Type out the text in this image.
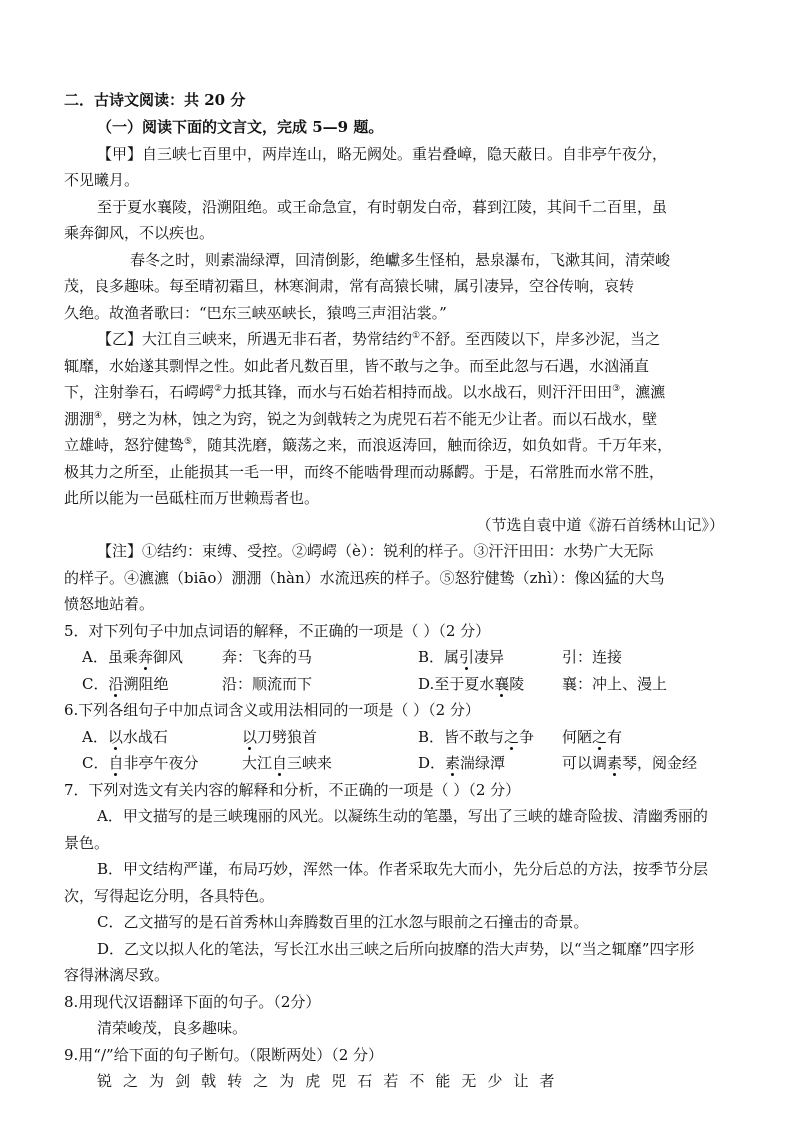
二．古诗文阅读：共 20 分
（一）阅读下面的文言文，完成 5—9 题。
【甲】自三峡七百里中，两岸连山，略无阙处。重岩叠嶂，隐天蔽日。自非亭午夜分，
不见曦月。
至于夏水襄陵，沿溯阻绝。或王命急宣，有时朝发白帝，暮到江陵，其间千二百里，虽
乘奔御风，不以疾也。
春冬之时，则素湍绿潭，回清倒影，绝巘多生怪柏，悬泉瀑布，飞漱其间，清荣峻
茂，良多趣味。每至晴初霜旦，林寒涧肃，常有高猿长啸，属引凄异，空谷传响，哀转
久绝。故渔者歌曰：“巴东三峡巫峡长，猿鸣三声泪沾裳。”
【乙】大江自三峡来，所遇无非石者，势常结约①不舒。至西陵以下，岸多沙泥，当之
辄靡，水始遂其剽悍之性。如此者凡数百里，皆不敢与之争。而至此忽与石遇，水汹涌直
下，注射拳石，石崿崿②力抵其锋，而水与石始若相持而战。以水战石，则汗汗田田③，瀌瀌
淜淜④，劈之为林，蚀之为窍，锐之为剑戟转之为虎兕石若不能无少让者。而以石战水，壁
立雄峙，怒狞健鸷⑤，随其洗磨，簸荡之来，而浪返涛回，触而徐迈，如负如背。千万年来，
极其力之所至，止能损其一毛一甲，而终不能啮骨理而动縣齶。于是，石常胜而水常不胜，
此所以能为一邑砥柱而万世赖焉者也。
（节选自袁中道《游石首绣林山记》）
【注】①结约：束缚、受控。②崿崿（è）：锐利的样子。③汗汗田田：水势广大无际
的样子。④瀌瀌（biāo）淜淜（hàn）水流迅疾的样子。⑤怒狞健鸷（zhì）：像凶猛的大鸟
愤怒地站着。
5．对下列句子中加点词语的解释，不正确的一项是（ ）（2 分）
A．虽乘奔御风	奔：飞奔的马	B．属引凄异	引：连接
C．沿溯阻绝	沿：顺流而下	D.至于夏水襄陵	襄：冲上、漫上
6.下列各组句子中加点词含义或用法相同的一项是（ ）（2 分）
A．以水战石	以刀劈狼首	B．皆不敢与之争 何陋之有
C．自非亭午夜分	大江自三峡来	D．素湍绿潭	可以调素琴，阅金经
7．下列对选文有关内容的解释和分析，不正确的一项是（ ）（2 分）
A．甲文描写的是三峡瑰丽的风光。以凝练生动的笔墨，写出了三峡的雄奇险拔、清幽秀丽的
景色。
B．甲文结构严谨，布局巧妙，浑然一体。作者采取先大而小，先分后总的方法，按季节分层
次，写得起讫分明，各具特色。
C．乙文描写的是石首秀林山奔腾数百里的江水忽与眼前之石撞击的奇景。
D．乙文以拟人化的笔法，写长江水出三峡之后所向披靡的浩大声势，以“当之辄靡”四字形
容得淋漓尽致。
8.用现代汉语翻译下面的句子。（2分）
清荣峻茂，良多趣味。
9.用“/”给下面的句子断句。（限断两处）（2 分）
锐 之 为 剑 戟 转 之 为 虎 兕 石 若 不 能 无 少 让 者
